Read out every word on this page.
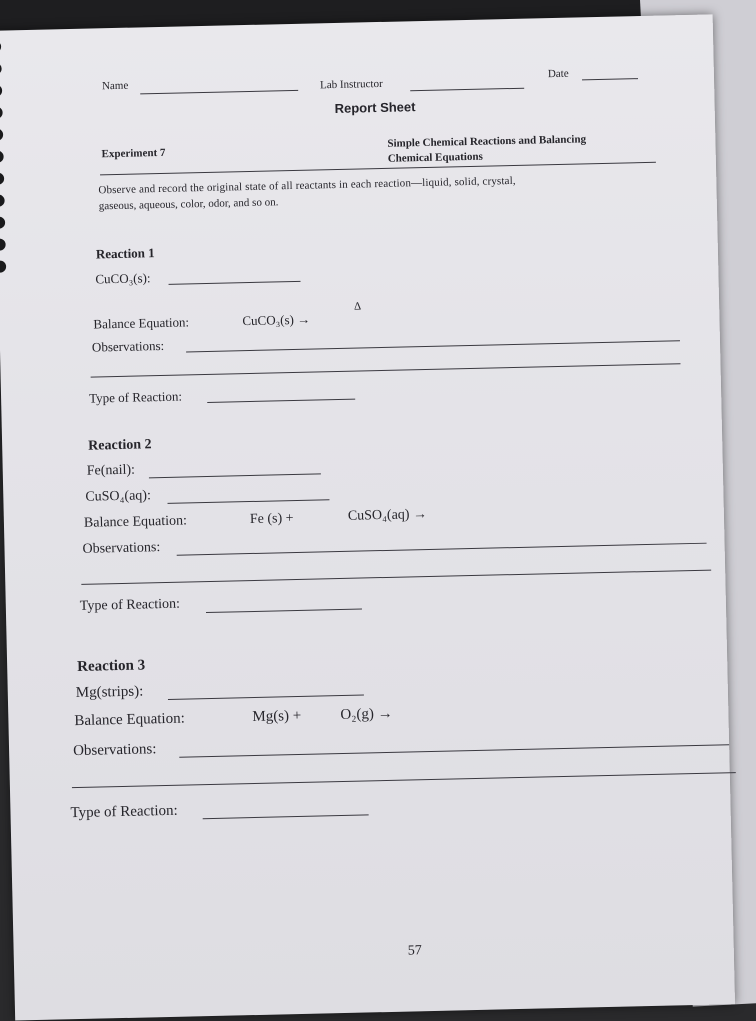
Name	Lab Instructor
Date
Report Sheet
Experiment 7
Simple Chemical Reactions and Balancing
Chemical Equations
Observe and record the original state of all reactants in each reaction—liquid, solid, crystal,
gaseous, aqueous, color, odor, and so on.
Reaction 1
CuCO₃(s):
Δ
Balance Equation:	CuCO₃(s) →
Observations:
Type of Reaction:
Reaction 2
Fe(nail):
CuSO₄(aq):
Balance Equation:	Fe (s) +	CuSO₄(aq) →
Observations:
Type of Reaction:
Reaction 3
Mg(strips):
Balance Equation:	Mg(s) +	O₂(g) →
Observations:
Type of Reaction:
57
